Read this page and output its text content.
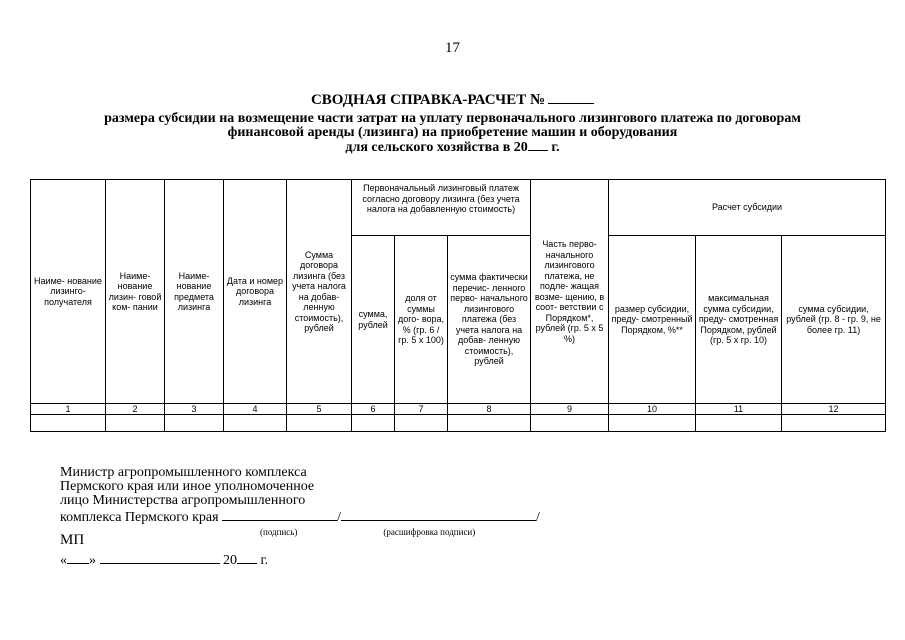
17
СВОДНАЯ СПРАВКА-РАСЧЕТ №
размера субсидии на возмещение части затрат на уплату первоначального лизингового платежа по договорам
финансовой аренды (лизинга) на приобретение машин и оборудования
для сельского хозяйства в 20 г.
Наиме- нование лизинго- получателя	Наиме- нование лизин- говой ком- пании	Наиме- нование предмета лизинга	Дата и номер договора лизинга	Сумма договора лизинга (без учета налога на добав- ленную стоимость), рублей	Первоначальный лизинговый платеж согласно договору лизинга (без учета налога на добавленную стоимость)			Часть перво- начального лизингового платежа, не подле- жащая возме- щению, в соот- ветствии с Порядком*, рублей (гр. 5 х 5 %)	Расчет субсидии		
					сумма, рублей	доля от суммы дого- вора, % (гр. 6 / гр. 5 х 100)	сумма фактически перечис- ленного перво- начального лизингового платежа (без учета налога на добав- ленную стоимость), рублей		размер субсидии, преду- смотренный Порядком, %**	максимальная сумма субсидии, преду- смотренная Порядком, рублей (гр. 5 х гр. 10)	сумма субсидии, рублей (гр. 8 - гр. 9, не более гр. 11)
1	2	3	4	5	6	7	8	9	10	11	12

Министр агропромышленного комплекса
Пермского края или иное уполномоченное
лицо Министерства агропромышленного
комплекса Пермского края	/	/
(подпись)	(расшифровка подписи)
МП
« »	20 г.
